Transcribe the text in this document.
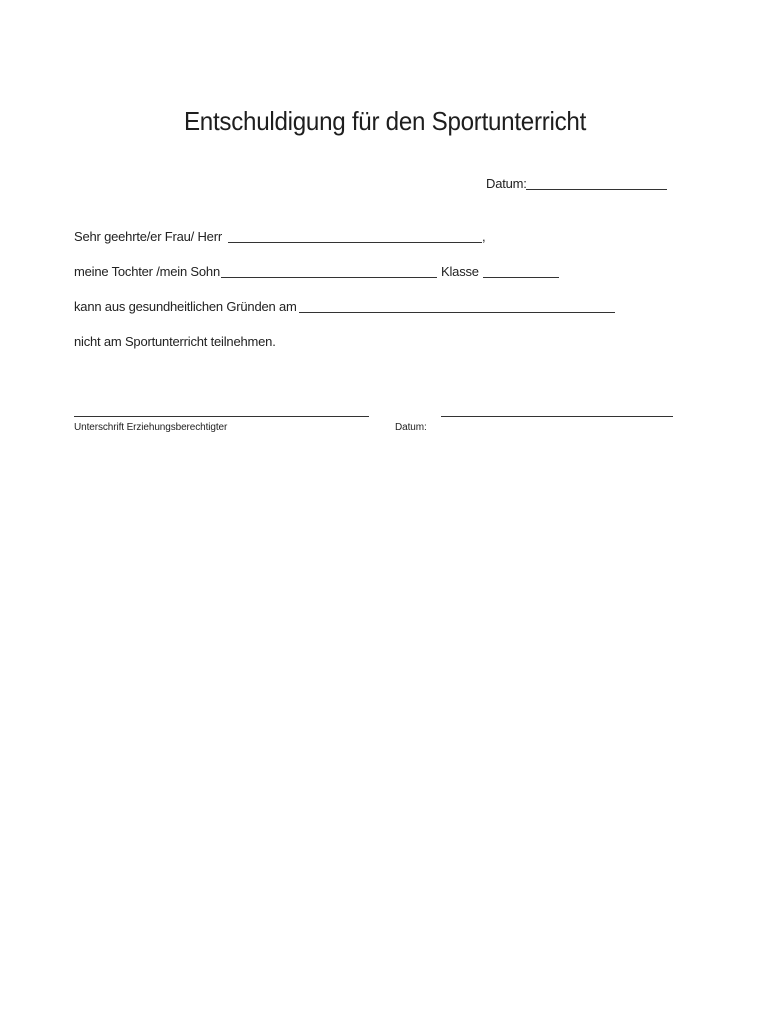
Entschuldigung für den Sportunterricht
Datum:
Sehr geehrte/er Frau/ Herr	,
meine Tochter /mein Sohn	Klasse
kann aus gesundheitlichen Gründen am
nicht am Sportunterricht teilnehmen.
Unterschrift Erziehungsberechtigter	Datum:
